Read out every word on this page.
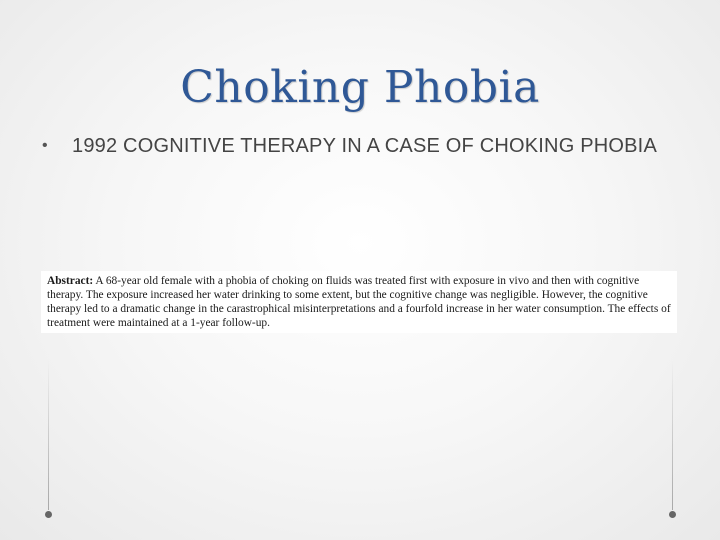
Choking Phobia
•	1992 COGNITIVE THERAPY IN A CASE OF CHOKING PHOBIA
Abstract: A 68-year old female with a phobia of choking on fluids was treated first with exposure in vivo and then with cognitive therapy. The exposure increased her water drinking to some extent, but the cognitive change was negligible. However, the cognitive therapy led to a dramatic change in the carastrophical misinterpretations and a fourfold increase in her water consumption. The effects of treatment were maintained at a 1-year follow-up.
